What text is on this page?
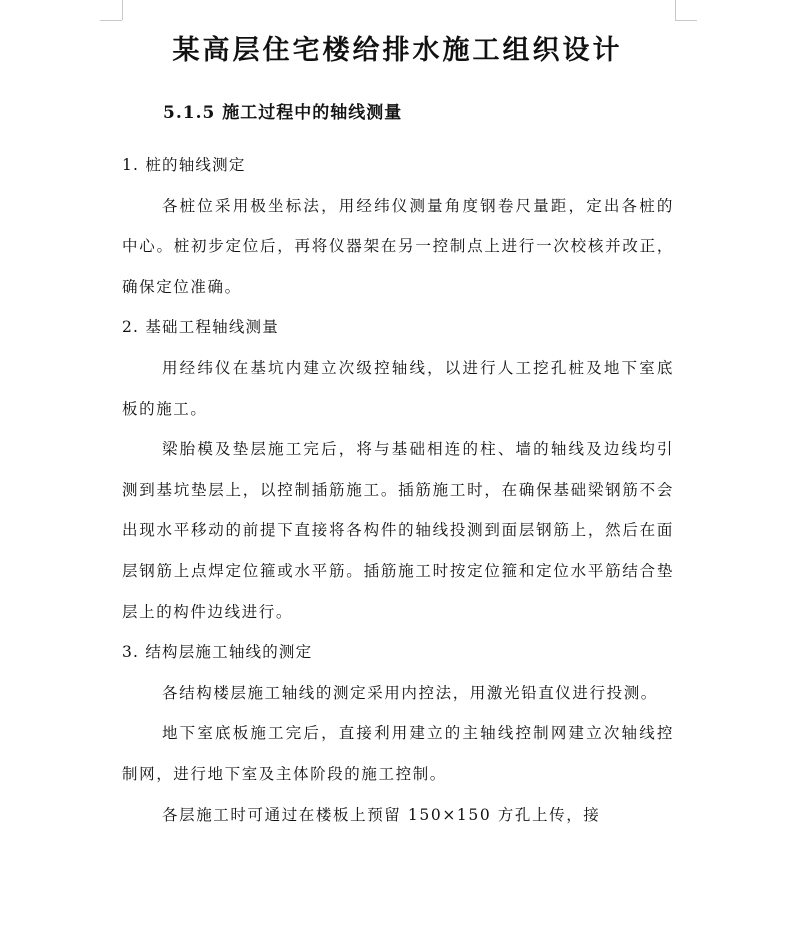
某高层住宅楼给排水施工组织设计
5.1.5 施工过程中的轴线测量

1. 桩的轴线测定

各桩位采用极坐标法，用经纬仪测量角度钢卷尺量距，定出各桩的中心。桩初步定位后，再将仪器架在另一控制点上进行一次校核并改正，确保定位准确。

2. 基础工程轴线测量

用经纬仪在基坑内建立次级控轴线，以进行人工挖孔桩及地下室底板的施工。

梁胎模及垫层施工完后，将与基础相连的柱、墙的轴线及边线均引测到基坑垫层上，以控制插筋施工。插筋施工时，在确保基础梁钢筋不会出现水平移动的前提下直接将各构件的轴线投测到面层钢筋上，然后在面层钢筋上点焊定位箍或水平筋。插筋施工时按定位箍和定位水平筋结合垫层上的构件边线进行。

3. 结构层施工轴线的测定

各结构楼层施工轴线的测定采用内控法，用激光铅直仪进行投测。

地下室底板施工完后，直接利用建立的主轴线控制网建立次轴线控制网，进行地下室及主体阶段的施工控制。

各层施工时可通过在楼板上预留 150×150 方孔上传，接
